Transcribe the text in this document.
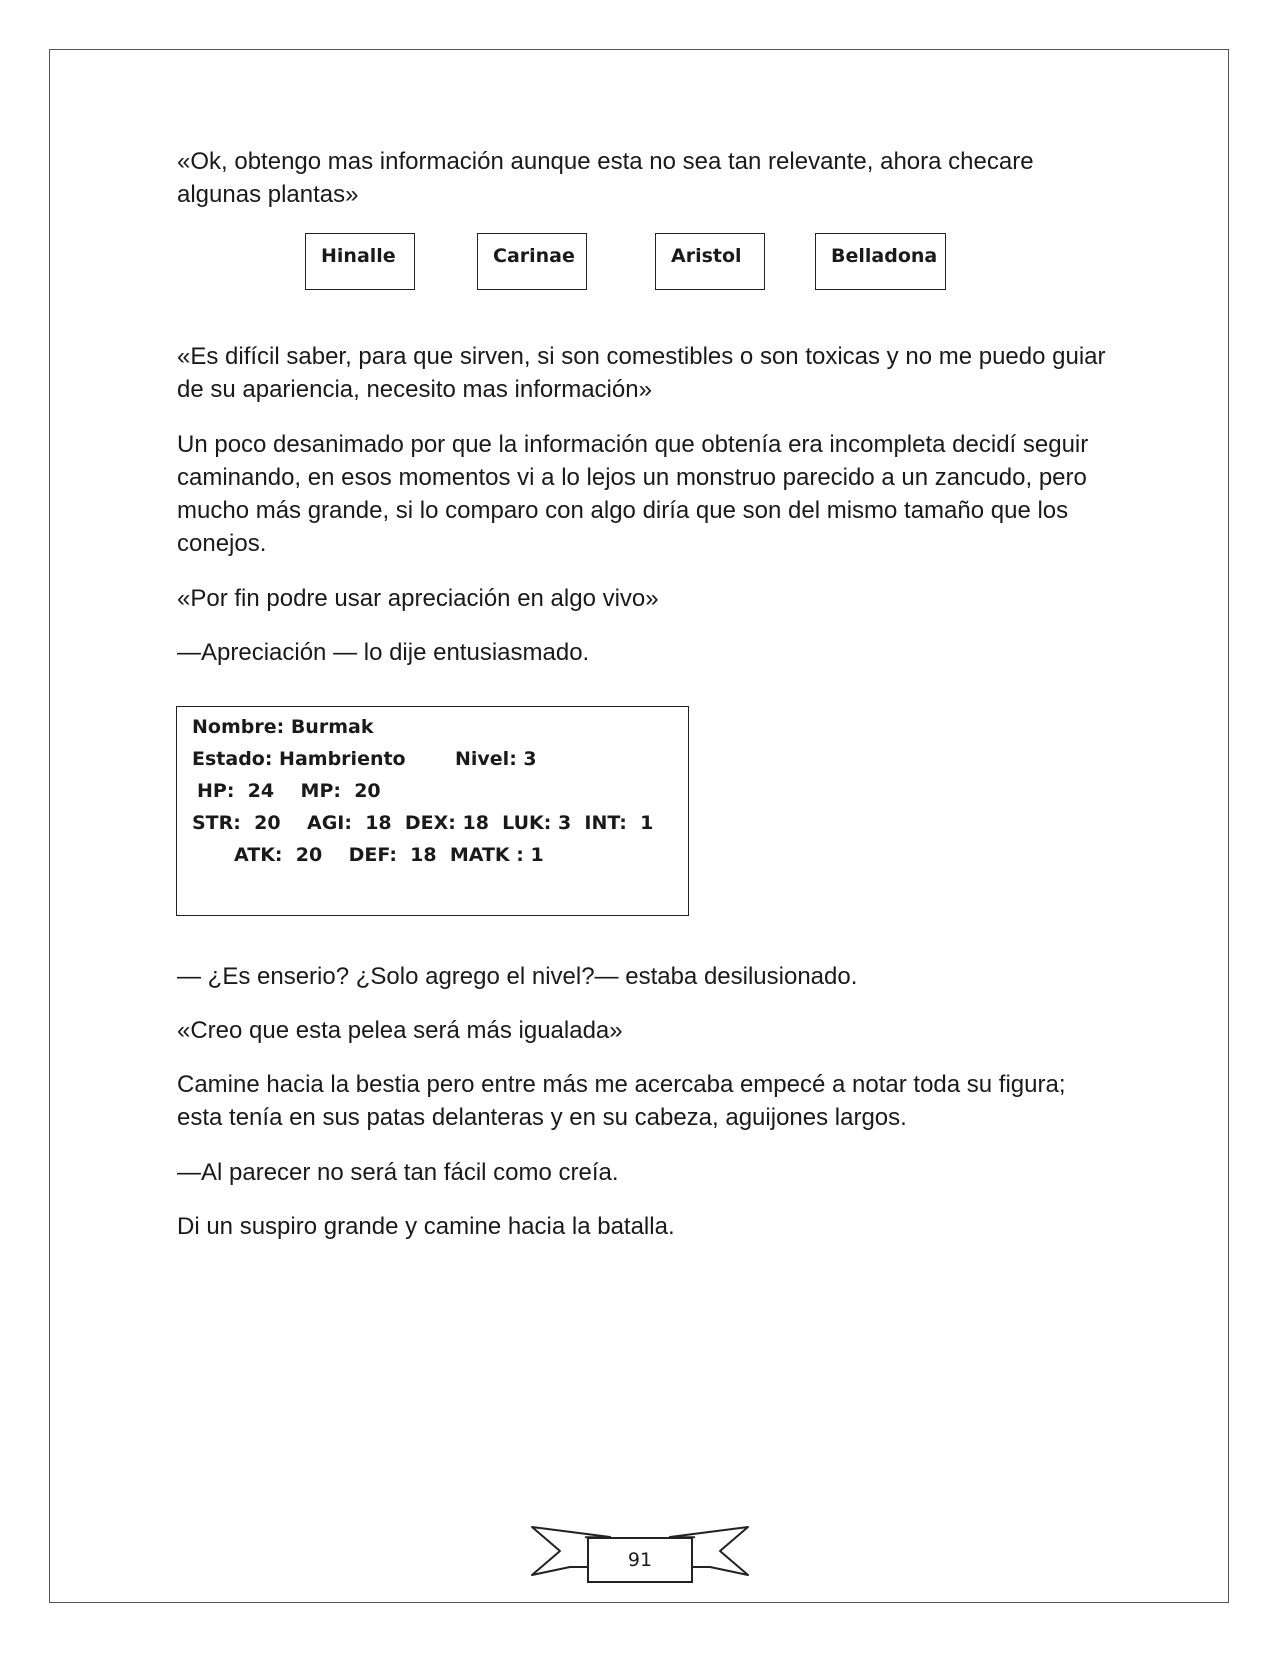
«Ok, obtengo mas información aunque esta no sea tan relevante, ahora checare algunas plantas»

Hinalle	Carinae	Aristol	Belladona

«Es difícil saber, para que sirven, si son comestibles o son toxicas y no me puedo guiar de su apariencia, necesito mas información»

Un poco desanimado por que la información que obtenía era incompleta decidí seguir caminando, en esos momentos vi a lo lejos un monstruo parecido a un zancudo, pero mucho más grande, si lo comparo con algo diría que son del mismo tamaño que los conejos.

«Por fin podre usar apreciación en algo vivo»

—Apreciación — lo dije entusiasmado.

Nombre: Burmak
Estado: Hambriento	Nivel: 3
HP:  24    MP:  20
STR:  20    AGI:  18  DEX: 18  LUK: 3  INT:  1
ATK:  20    DEF:  18  MATK : 1

— ¿Es enserio? ¿Solo agrego el nivel?— estaba desilusionado.

«Creo que esta pelea será más igualada»

Camine hacia la bestia pero entre más me acercaba empecé a notar toda su figura; esta tenía en sus patas delanteras y en su cabeza, aguijones largos.

—Al parecer no será tan fácil como creía.

Di un suspiro grande y camine hacia la batalla.

91
